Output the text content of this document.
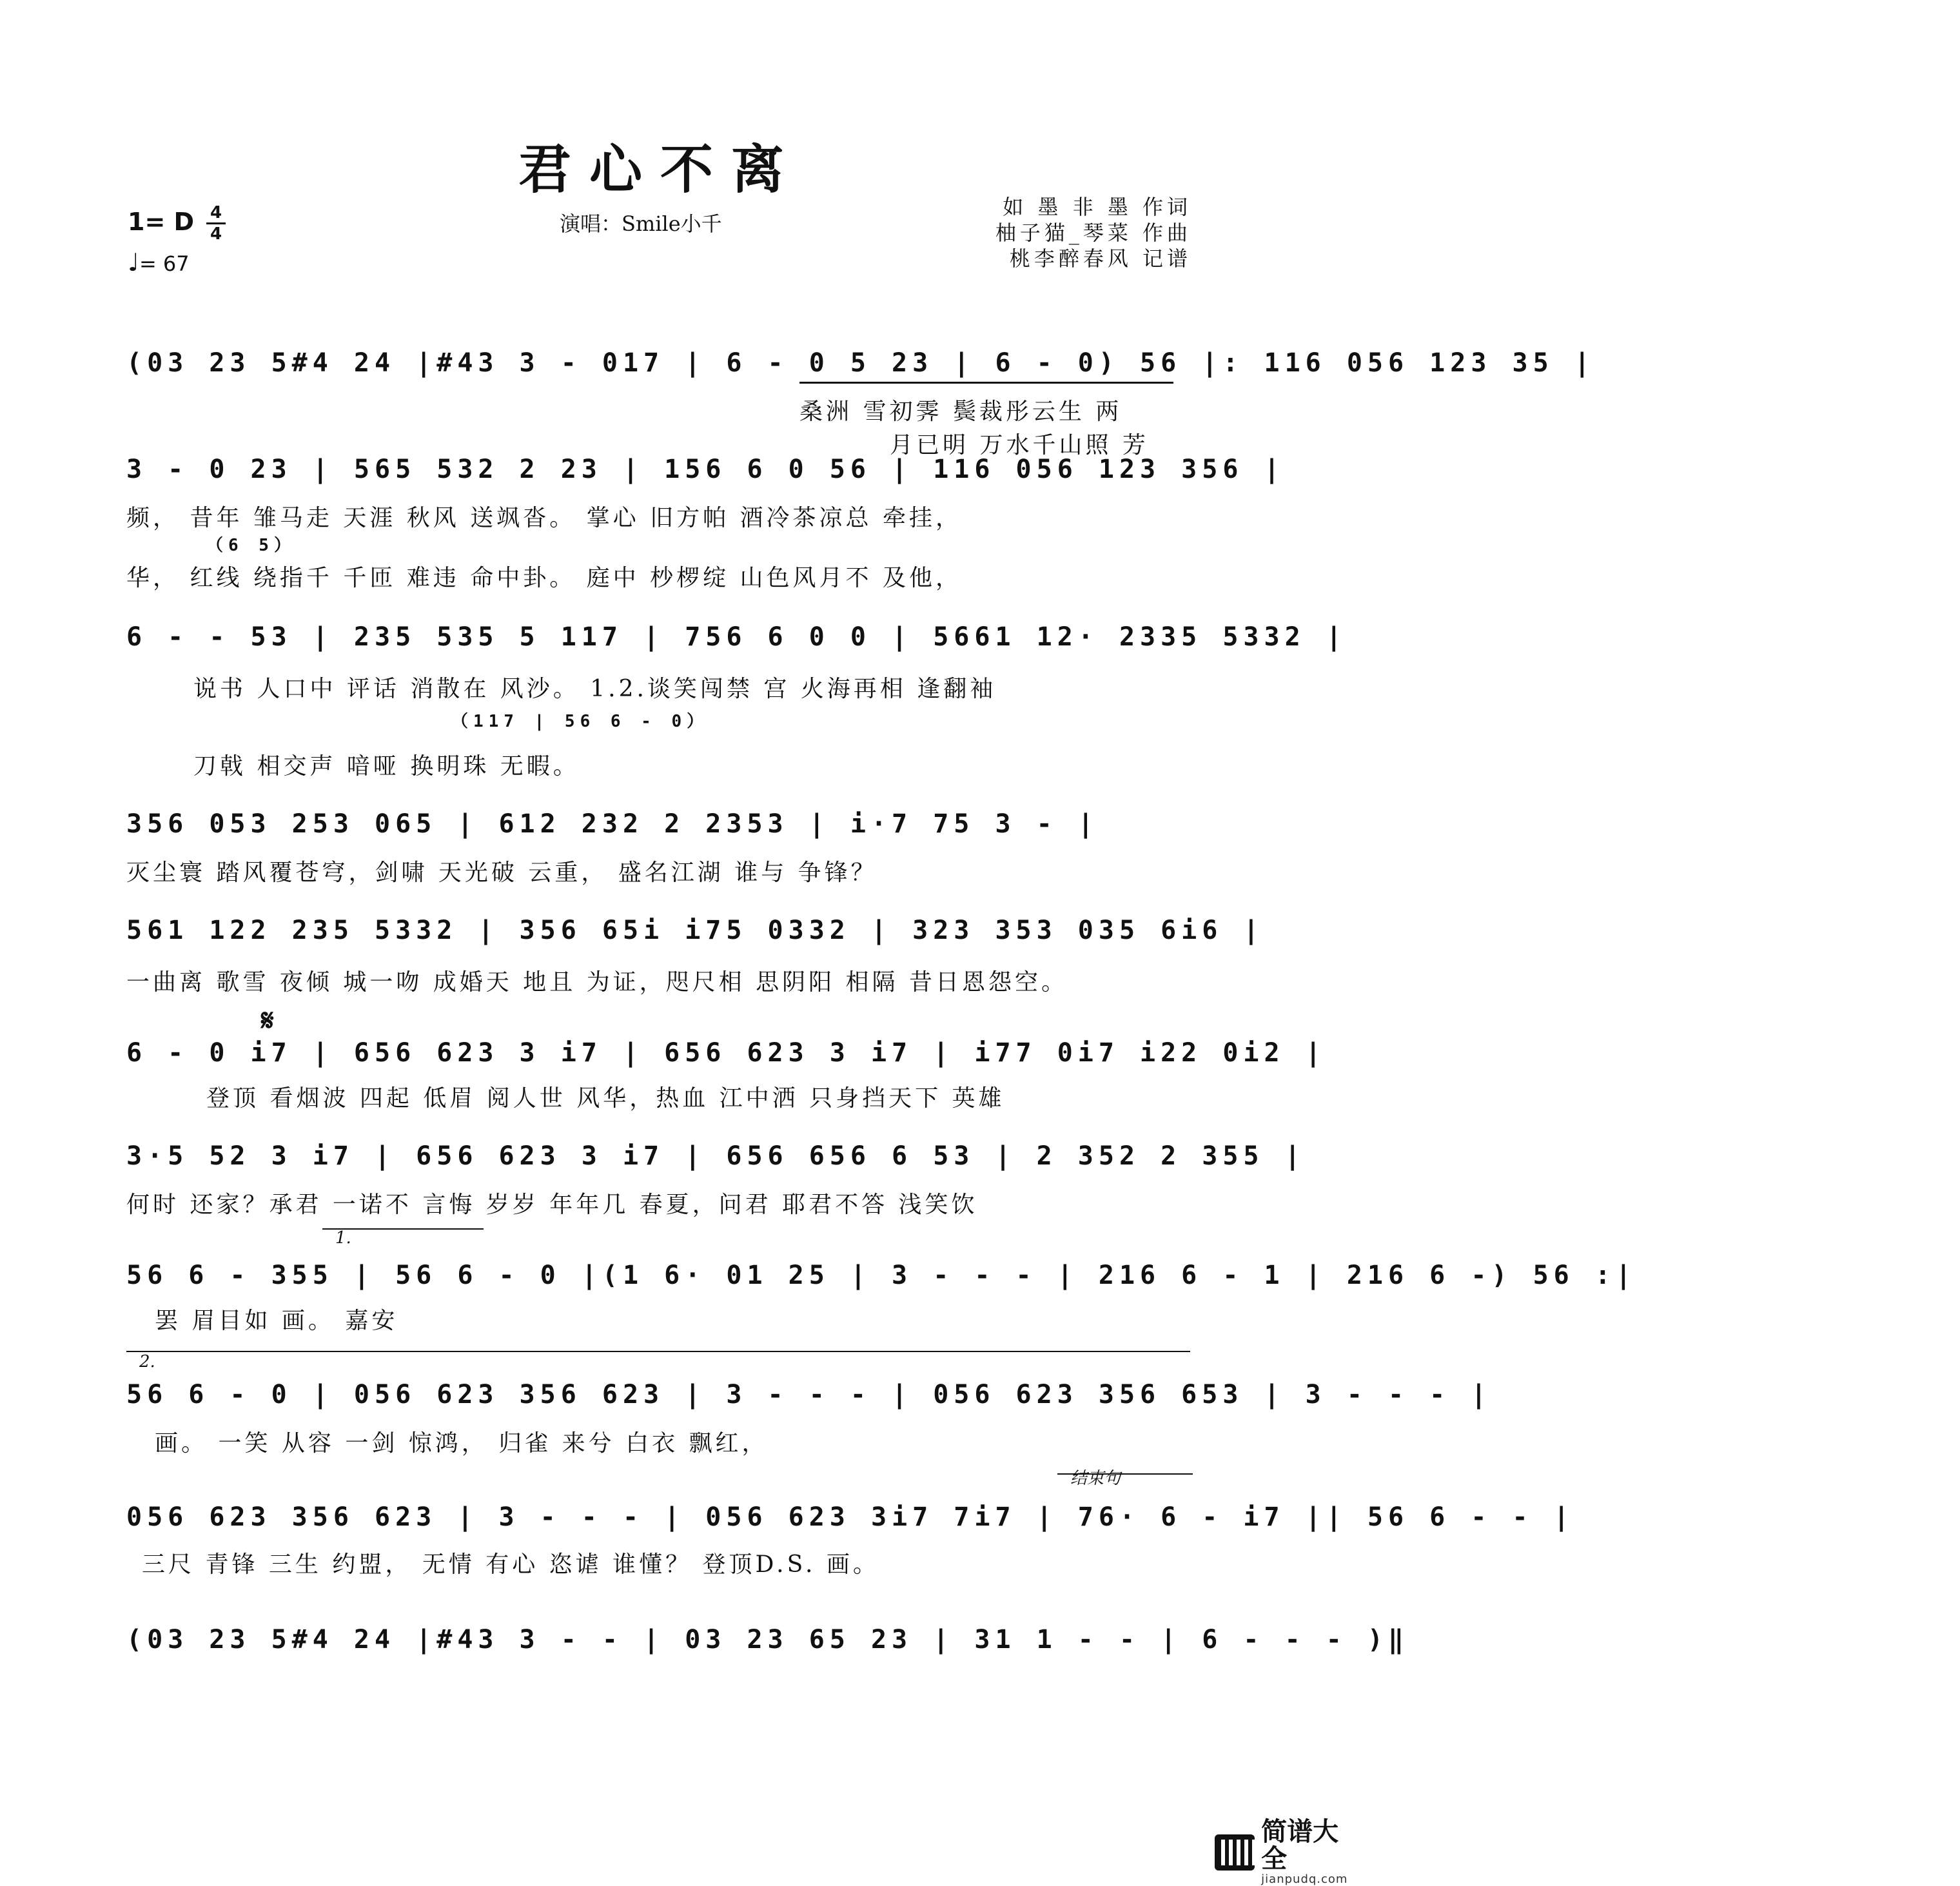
君心不离
1= D 4
4
♩= 67
演唱：Smile小千
如 墨 非 墨 作词
柚子猫_琴菜 作曲
桃李醉春风 记谱
(03 23 5#4 24 |#43 3 - 017 | 6 - 0 5 23 | 6 - 0) 56 |: 116 056 123 35 |
桑洲 雪初霁 鬓裁彤云生 两
月已明 万水千山照 芳
3 - 0 23 | 565 532 2 23 | 156 6 0 56 | 116 056 123 356 |
频， 昔年 雏马走 天涯 秋风 送飒沓。 掌心 旧方帕 酒冷茶凉总 牵挂，
（6 5）
华， 红线 绕指千 千匝 难违 命中卦。 庭中 杪椤绽 山色风月不 及他，
6 - - 53 | 235 535 5 117 | 756 6 0 0 | 5661 12· 2335 5332 |
说书 人口中 评话 消散在 风沙。 1.2.谈笑闯禁 宫 火海再相 逢翻袖
（117 | 56 6 - 0）
刀戟 相交声 喑哑 换明珠 无暇。
356 053 253 065 | 612 232 2 2353 | i·7 75 3 - |
灭尘寰 踏风覆苍穹，剑啸 天光破 云重， 盛名江湖 谁与 争锋？
561 122 235 5332 | 356 65i i75 0332 | 323 353 035 6i6 |
一曲离 歌雪 夜倾 城一吻 成婚天 地且 为证，咫尺相 思阴阳 相隔 昔日恩怨空。
𝄋
6 - 0 i7 | 656 623 3 i7 | 656 623 3 i7 | i77 0i7 i22 0i2 |
登顶 看烟波 四起 低眉 阅人世 风华，热血 江中洒 只身挡天下 英雄
3·5 52 3 i7 | 656 623 3 i7 | 656 656 6 53 | 2 352 2 355 |
何时 还家？承君 一诺不 言悔 岁岁 年年几 春夏，问君 耶君不答 浅笑饮
1.
56 6 - 355 | 56 6 - 0 |(1 6· 01 25 | 3 - - - | 216 6 - 1 | 216 6 -) 56 :|
罢 眉目如 画。 嘉安
2.
56 6 - 0 | 056 623 356 623 | 3 - - - | 056 623 356 653 | 3 - - - |
画。 一笑 从容 一剑 惊鸿， 归雀 来兮 白衣 飘红，
结束句
056 623 356 623 | 3 - - - | 056 623 3i7 7i7 | 76· 6 - i7 || 56 6 - - |
三尺 青锋 三生 约盟， 无情 有心 恣谑 谁懂？ 登顶D.S. 画。
(03 23 5#4 24 |#43 3 - - | 03 23 65 23 | 31 1 - - | 6 - - - )‖
简谱大全
jianpudq.com
